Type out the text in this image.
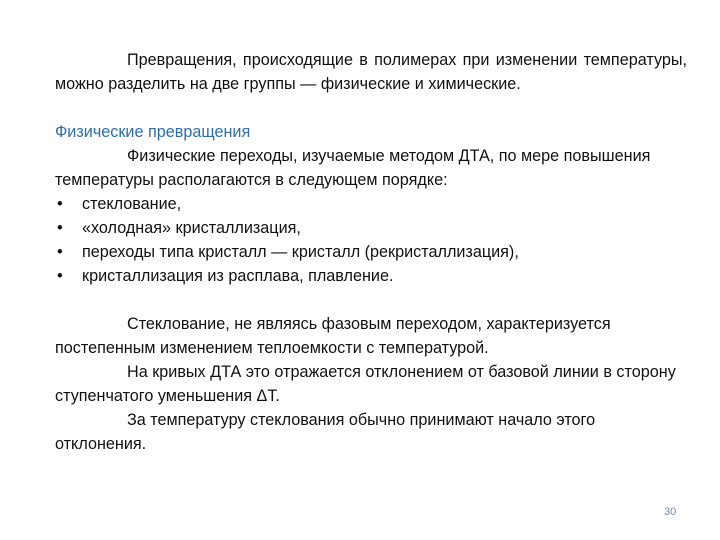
Превращения, происходящие в полимерах при изменении температуры, можно разделить на две группы — физические и химические.

Физические превращения

Физические переходы, изучаемые методом ДТА, по мере повышения температуры располагаются в следующем порядке:

• стеклование,
• «холодная» кристаллизация,
• переходы типа кристалл — кристалл (рекристаллизация),
• кристаллизация из расплава, плавление.

Стеклование, не являясь фазовым переходом, характеризуется постепенным изменением теплоемкости с температурой.

На кривых ДТА это отражается отклонением от базовой линии в сторону ступенчатого уменьшения ΔT.

За температуру стеклования обычно принимают начало этого отклонения.

30
